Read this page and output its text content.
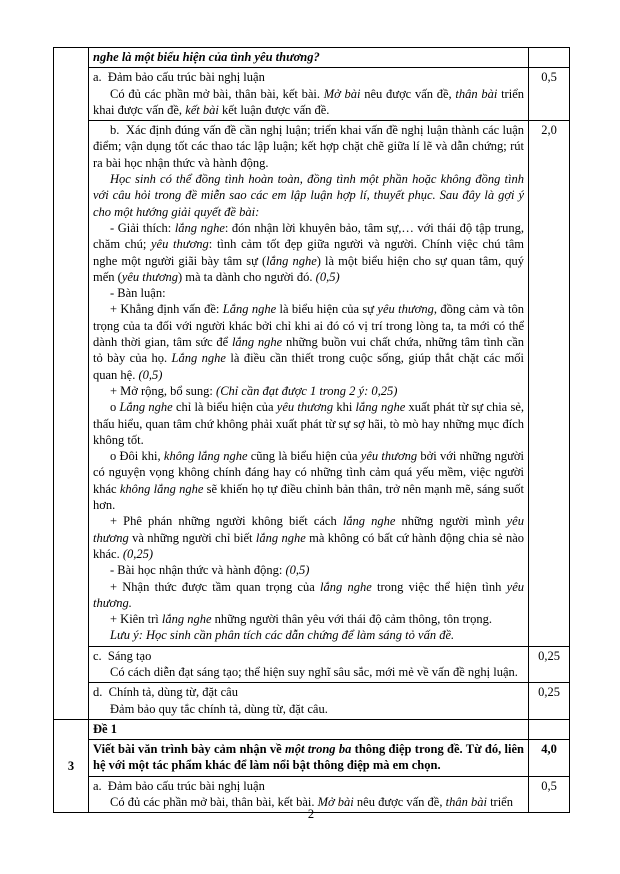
	nghe là một biểu hiện của tình yêu thương?	

	a.  Đảm bảo cấu trúc bài nghị luận

Có đủ các phần mở bài, thân bài, kết bài. Mở bài nêu được vấn đề, thân bài triển khai được vấn đề, kết bài kết luận được vấn đề.	0,5

b.  Xác định đúng vấn đề cần nghị luận; triển khai vấn đề nghị luận thành các luận điểm; vận dụng tốt các thao tác lập luận; kết hợp chặt chẽ giữa lí lẽ và dẫn chứng; rút ra bài học nhận thức và hành động.

Học sinh có thể đồng tình hoàn toàn, đồng tình một phần hoặc không đồng tình với câu hỏi trong đề miễn sao các em lập luận hợp lí, thuyết phục. Sau đây là gợi ý cho một hướng giải quyết đề bài:

- Giải thích: lắng nghe: đón nhận lời khuyên bảo, tâm sự,… với thái độ tập trung, chăm chú; yêu thương: tình cảm tốt đẹp giữa người và người. Chính việc chú tâm nghe một người giãi bày tâm sự (lắng nghe) là một biểu hiện cho sự quan tâm, quý mến (yêu thương) mà ta dành cho người đó. (0,5)

- Bàn luận:

+ Khẳng định vấn đề: Lắng nghe là biểu hiện của sự yêu thương, đồng cảm và tôn trọng của ta đối với người khác bởi chỉ khi ai đó có vị trí trong lòng ta, ta mới có thể dành thời gian, tâm sức để lắng nghe những buồn vui chất chứa, những tâm tình cần tỏ bày của họ. Lắng nghe là điều cần thiết trong cuộc sống, giúp thắt chặt các mối quan hệ. (0,5)

+ Mở rộng, bổ sung: (Chỉ cần đạt được 1 trong 2 ý: 0,25)

o Lắng nghe chỉ là biểu hiện của yêu thương khi lắng nghe xuất phát từ sự chia sẻ, thấu hiểu, quan tâm chứ không phải xuất phát từ sự sợ hãi, tò mò hay những mục đích không tốt.

o Đôi khi, không lắng nghe cũng là biểu hiện của yêu thương bởi với những người có nguyện vọng không chính đáng hay có những tình cảm quá yếu mềm, việc người khác không lắng nghe sẽ khiến họ tự điều chỉnh bản thân, trở nên mạnh mẽ, sáng suốt hơn.

+ Phê phán những người không biết cách lắng nghe những người mình yêu thương và những người chỉ biết lắng nghe mà không có bất cứ hành động chia sẻ nào khác. (0,25)

- Bài học nhận thức và hành động: (0,5)

+ Nhận thức được tầm quan trọng của lắng nghe trong việc thể hiện tình yêu thương.

+ Kiên trì lắng nghe những người thân yêu với thái độ cảm thông, tôn trọng.

Lưu ý: Học sinh cần phân tích các dẫn chứng để làm sáng tỏ vấn đề.

	2,0

	c.  Sáng tạo

Có cách diễn đạt sáng tạo; thể hiện suy nghĩ sâu sắc, mới mẻ về vấn đề nghị luận.	0,25

	d.  Chính tả, dùng từ, đặt câu

Đảm bảo quy tắc chính tả, dùng từ, đặt câu.	0,25
3	Đề 1	

	Viết bài văn trình bày cảm nhận về một trong ba thông điệp trong đề. Từ đó, liên hệ với một tác phẩm khác để làm nổi bật thông điệp mà em chọn.	4,0

	a.  Đảm bảo cấu trúc bài nghị luận

Có đủ các phần mở bài, thân bài, kết bài. Mở bài nêu được vấn đề, thân bài triển	0,5
2
